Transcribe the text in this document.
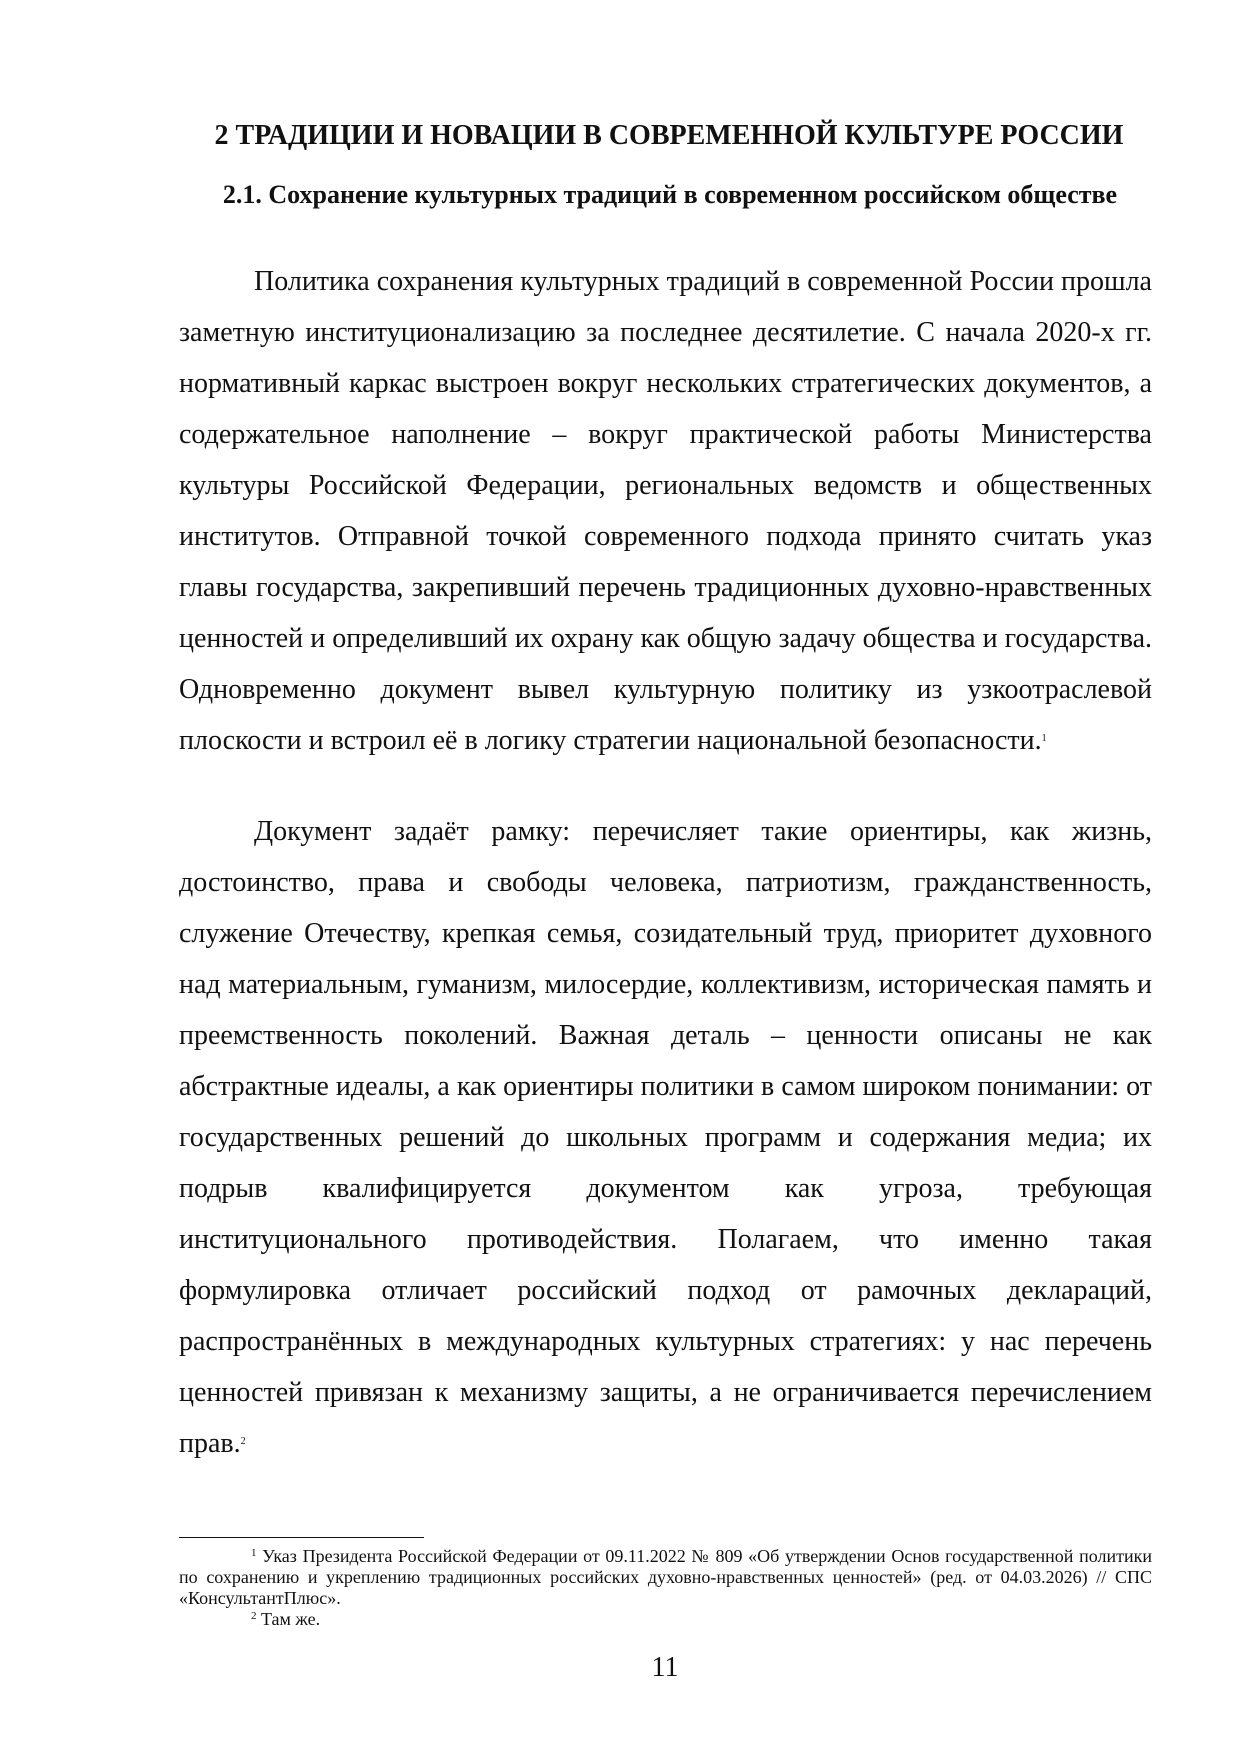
2 ТРАДИЦИИ И НОВАЦИИ В СОВРЕМЕННОЙ КУЛЬТУРЕ РОССИИ
2.1. Сохранение культурных традиций в современном российском обществе

Политика сохранения культурных традиций в современной России прошла заметную институционализацию за последнее десятилетие. С начала 2020-х гг. нормативный каркас выстроен вокруг нескольких стратегических документов, а содержательное наполнение – вокруг практической работы Министерства культуры Российской Федерации, региональных ведомств и общественных институтов. Отправной точкой современного подхода принято считать указ главы государства, закрепивший перечень традиционных духовно-нравственных ценностей и определивший их охрану как общую задачу общества и государства. Одновременно документ вывел культурную политику из узкоотраслевой плоскости и встроил её в логику стратегии национальной безопасности.$^1$

Документ задаёт рамку: перечисляет такие ориентиры, как жизнь, достоинство, права и свободы человека, патриотизм, гражданственность, служение Отечеству, крепкая семья, созидательный труд, приоритет духовного над материальным, гуманизм, милосердие, коллективизм, историческая память и преемственность поколений. Важная деталь – ценности описаны не как абстрактные идеалы, а как ориентиры политики в самом широком понимании: от государственных решений до школьных программ и содержания медиа; их подрыв квалифицируется документом как угроза, требующая институционального противодействия. Полагаем, что именно такая формулировка отличает российский подход от рамочных деклараций, распространённых в международных культурных стратегиях: у нас перечень ценностей привязан к механизму защиты, а не ограничивается перечислением прав.$^2$

$^1$ Указ Президента Российской Федерации от 09.11.2022 № 809 «Об утверждении Основ государственной политики по сохранению и укреплению традиционных российских духовно-нравственных ценностей» (ред. от 04.03.2026) // СПС «КонсультантПлюс».

$^2$ Там же.

11
